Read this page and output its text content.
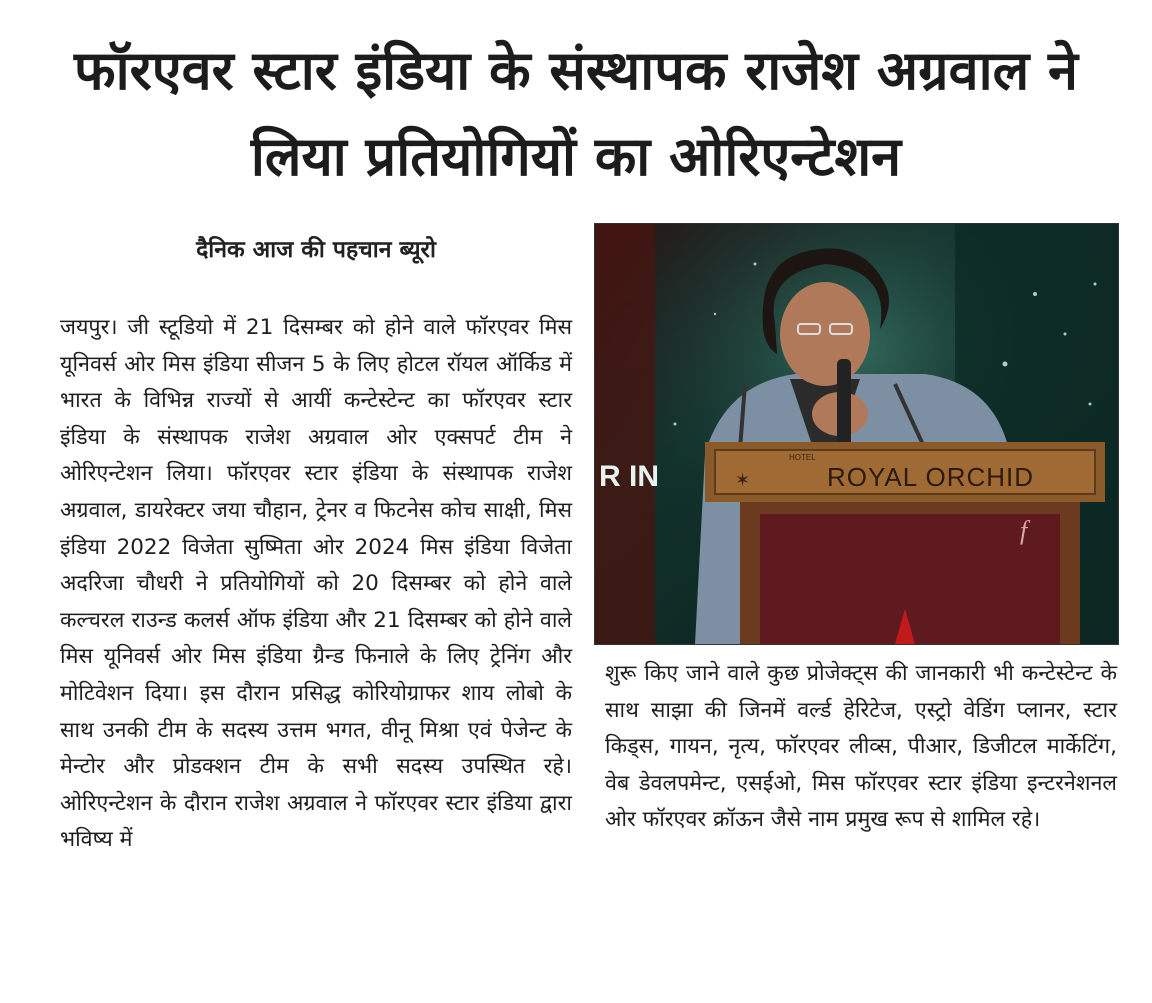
फॉरएवर स्टार इंडिया के संस्थापक राजेश अग्रवाल ने लिया प्रतियोगियों का ओरिएन्टेशन

दैनिक आज की पहचान ब्यूरो

जयपुर। जी स्टूडियो में 21 दिसम्बर को होने वाले फॉरएवर मिस यूनिवर्स ओर मिस इंडिया सीजन 5 के लिए होटल रॉयल ऑर्किड में भारत के विभिन्न राज्यों से आयीं कन्टेस्टेन्ट का फॉरएवर स्टार इंडिया के संस्थापक राजेश अग्रवाल ओर एक्सपर्ट टीम ने ओरिएन्टेशन लिया। फॉरएवर स्टार इंडिया के संस्थापक राजेश अग्रवाल, डायरेक्टर जया चौहान, ट्रेनर व फिटनेस कोच साक्षी, मिस इंडिया 2022 विजेता सुष्मिता ओर 2024 मिस इंडिया विजेता अदरिजा चौधरी ने प्रतियोगियों को 20 दिसम्बर को होने वाले कल्चरल राउन्ड कलर्स ऑफ इंडिया और 21 दिसम्बर को होने वाले मिस यूनिवर्स ओर मिस इंडिया ग्रैन्ड फिनाले के लिए ट्रेनिंग और मोटिवेशन दिया। इस दौरान प्रसिद्ध कोरियोग्राफर शाय लोबो के साथ उनकी टीम के सदस्य उत्तम भगत, वीनू मिश्रा एवं पेजेन्ट के मेन्टोर और प्रोडक्शन टीम के सभी सदस्य उपस्थित रहे। ओरिएन्टेशन के दौरान राजेश अग्रवाल ने फॉरएवर स्टार इंडिया द्वारा भविष्य में

R IN	✶
HOTEL
ROYAL ORCHID
f

शुरू किए जाने वाले कुछ प्रोजेक्ट्स की जानकारी भी कन्टेस्टेन्ट के साथ साझा की जिनमें वर्ल्ड हेरिटेज, एस्ट्रो वेडिंग प्लानर, स्टार किड्स, गायन, नृत्य, फॉरएवर लीव्स, पीआर, डिजीटल मार्केटिंग, वेब डेवलपमेन्ट, एसईओ, मिस फॉरएवर स्टार इंडिया इन्टरनेशनल ओर फॉरएवर क्रॉऊन जैसे नाम प्रमुख रूप से शामिल रहे।
